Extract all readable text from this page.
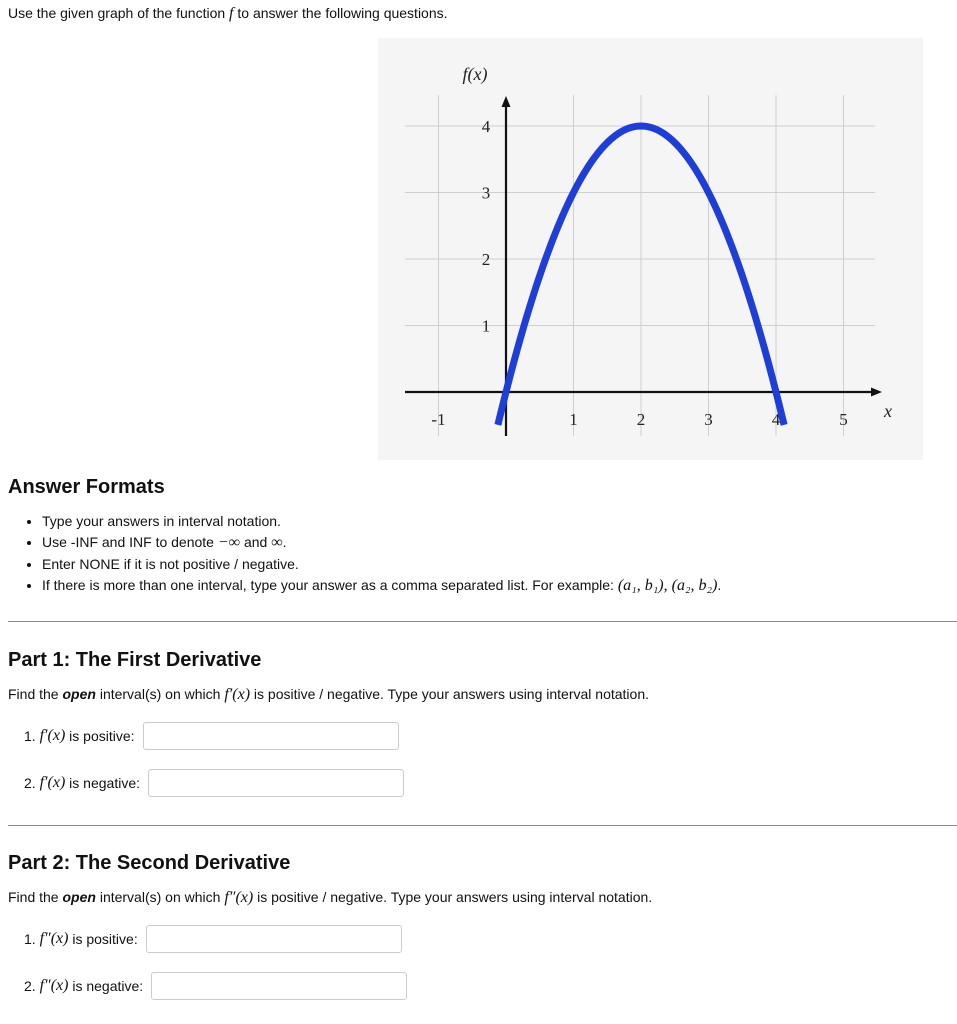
Use the given graph of the function f to answer the following questions.
-1	1	2	3	4	5
1
2
3
4
f(x)
x
Answer Formats
• Type your answers in interval notation.
• Use -INF and INF to denote −∞ and ∞.
• Enter NONE if it is not positive / negative.
• If there is more than one interval, type your answer as a comma separated list. For example: (a₁, b₁), (a₂, b₂).
Part 1: The First Derivative
Find the open interval(s) on which f′(x) is positive / negative. Type your answers using interval notation.
1.
f′(x)
is positive:
2.
f′(x)
is negative:
Part 2: The Second Derivative
Find the open interval(s) on which f″(x) is positive / negative. Type your answers using interval notation.
1.
f″(x)
is positive:
2.
f″(x)
is negative:
